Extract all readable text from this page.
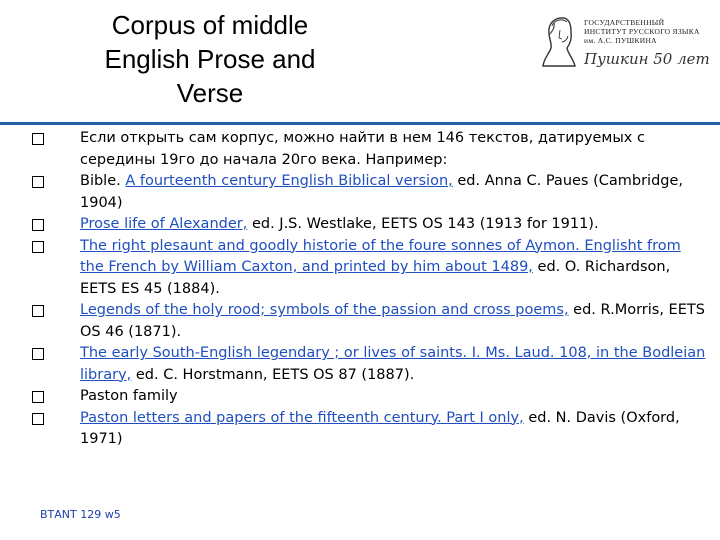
Corpus of middle
English Prose and
Verse
ГОСУДАРСТВЕННЫЙ
ИНСТИТУТ РУССКОГО ЯЗЫКА
им. А.С. ПУШКИНА
Пушкин 50 лет
Если открыть сам корпус, можно найти в нем 146 текстов, датируемых с середины 19го до начала 20го века. Например:
Bible. A fourteenth century English Biblical version, ed. Anna C. Paues (Cambridge, 1904)
Prose life of Alexander, ed. J.S. Westlake, EETS OS 143 (1913 for 1911).
The right plesaunt and goodly historie of the foure sonnes of Aymon. Englisht from the French by William Caxton, and printed by him about 1489, ed. O. Richardson, EETS ES 45 (1884).
Legends of the holy rood; symbols of the passion and cross poems, ed. R.Morris, EETS OS 46 (1871).
The early South-English legendary ; or lives of saints. I. Ms. Laud. 108, in the Bodleian library, ed. C. Horstmann, EETS OS 87 (1887).
Paston family
Paston letters and papers of the fifteenth century. Part I only, ed. N. Davis (Oxford, 1971)
ВТАNT 129 w5
